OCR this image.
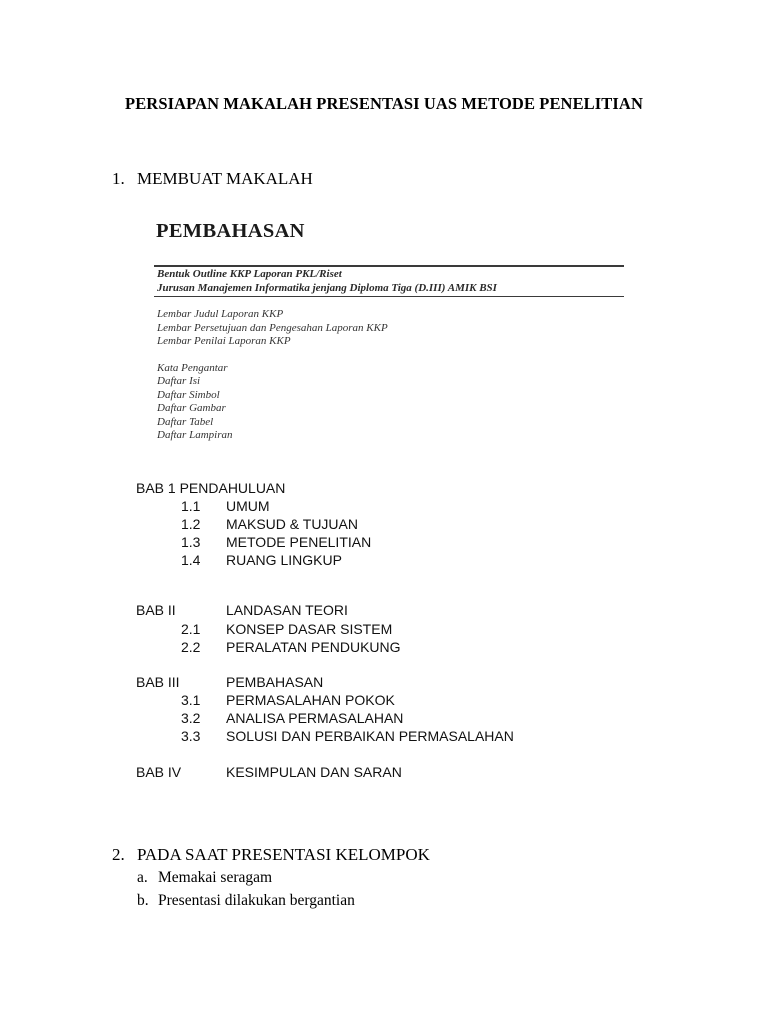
PERSIAPAN MAKALAH PRESENTASI UAS METODE PENELITIAN
1. MEMBUAT MAKALAH
PEMBAHASAN
Bentuk Outline KKP Laporan PKL/Riset
Jurusan Manajemen Informatika jenjang Diploma Tiga (D.III) AMIK BSI
Lembar Judul Laporan KKP
Lembar Persetujuan dan Pengesahan Laporan KKP
Lembar Penilai Laporan KKP
Kata Pengantar
Daftar Isi
Daftar Simbol
Daftar Gambar
Daftar Tabel
Daftar Lampiran
BAB 1 PENDAHULUAN
1.1 UMUM
1.2 MAKSUD & TUJUAN
1.3 METODE PENELITIAN
1.4 RUANG LINGKUP
BAB II	LANDASAN TEORI
2.1 KONSEP DASAR SISTEM
2.2 PERALATAN PENDUKUNG
BAB III	PEMBAHASAN
3.1 PERMASALAHAN POKOK
3.2 ANALISA PERMASALAHAN
3.3 SOLUSI DAN PERBAIKAN PERMASALAHAN
BAB IV	KESIMPULAN DAN SARAN
2. PADA SAAT PRESENTASI KELOMPOK
a. Memakai seragam
b. Presentasi dilakukan bergantian
